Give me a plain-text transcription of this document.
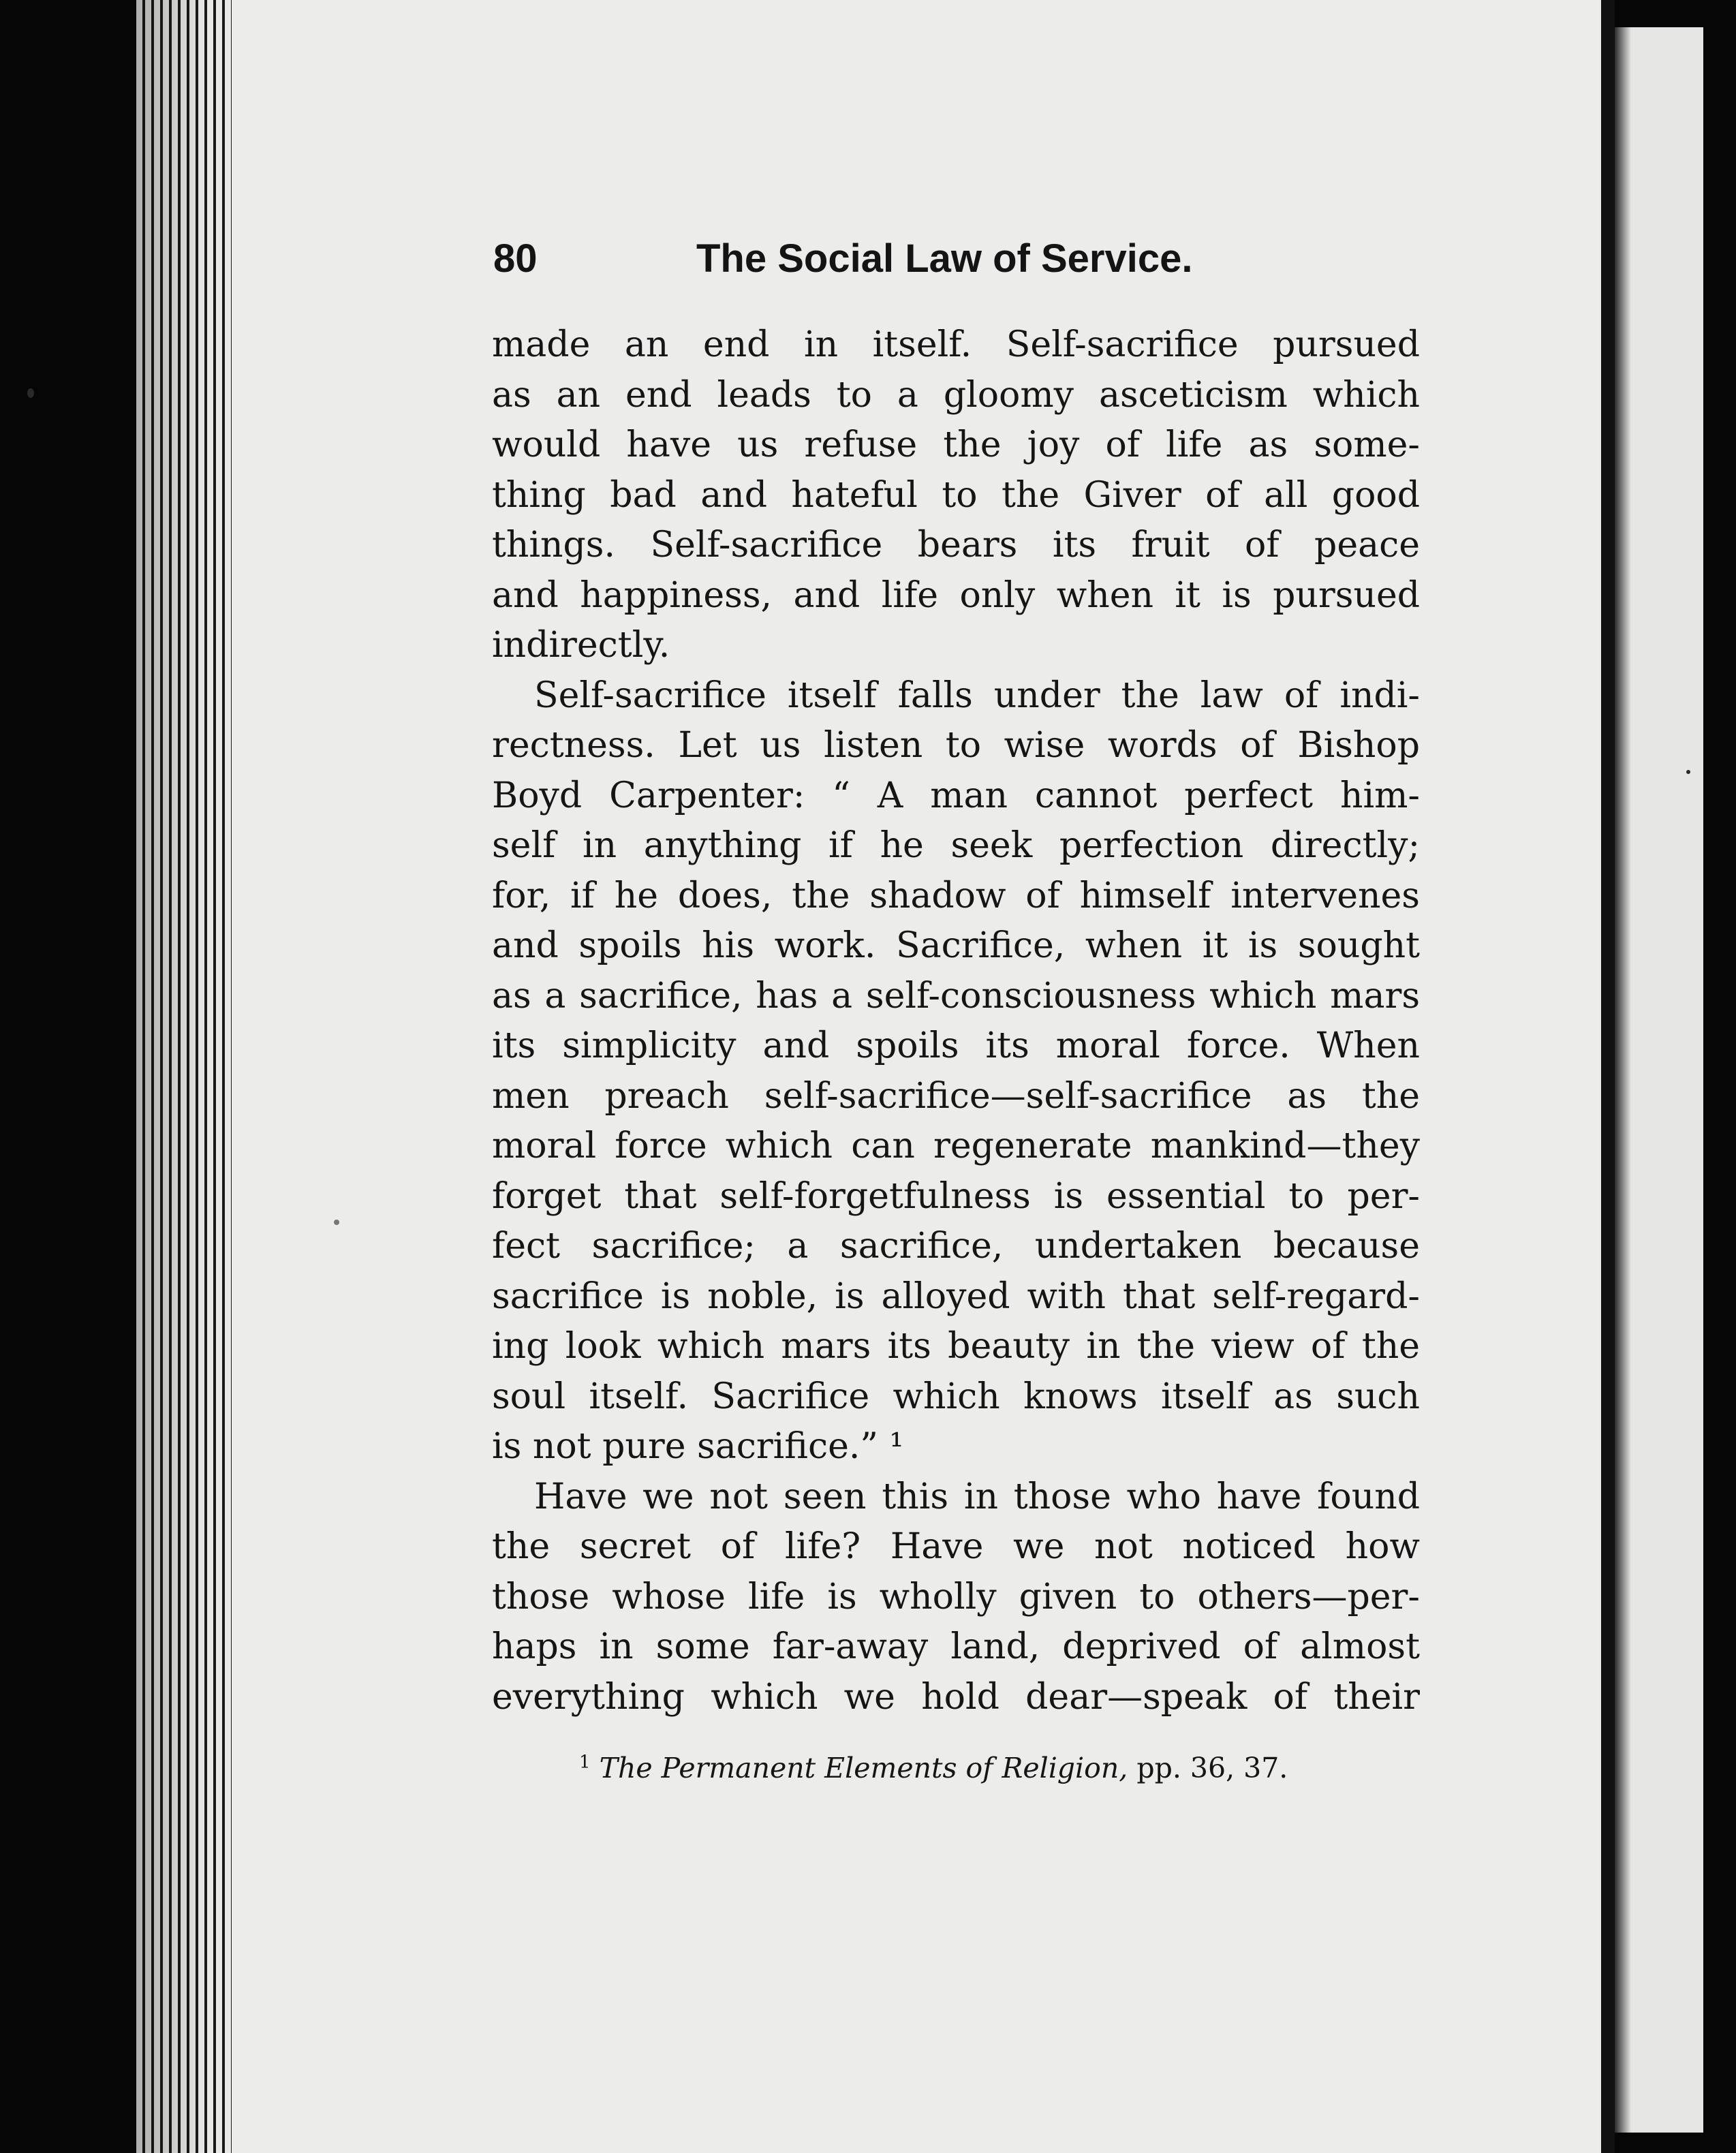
80	The Social Law of Service.
made an end in itself. Self-sacrifice pursued
as an end leads to a gloomy asceticism which
would have us refuse the joy of life as some-
thing bad and hateful to the Giver of all good
things. Self-sacrifice bears its fruit of peace
and happiness, and life only when it is pursued
indirectly.
Self-sacrifice itself falls under the law of indi-
rectness. Let us listen to wise words of Bishop
Boyd Carpenter: “ A man cannot perfect him-
self in anything if he seek perfection directly;
for, if he does, the shadow of himself intervenes
and spoils his work. Sacrifice, when it is sought
as a sacrifice, has a self-consciousness which mars
its simplicity and spoils its moral force. When
men preach self-sacrifice—self-sacrifice as the
moral force which can regenerate mankind—they
forget that self-forgetfulness is essential to per-
fect sacrifice; a sacrifice, undertaken because
sacrifice is noble, is alloyed with that self-regard-
ing look which mars its beauty in the view of the
soul itself. Sacrifice which knows itself as such
is not pure sacrifice.” ¹
Have we not seen this in those who have found
the secret of life? Have we not noticed how
those whose life is wholly given to others—per-
haps in some far-away land, deprived of almost
everything which we hold dear—speak of their
$^1$ The Permanent Elements of Religion, pp. 36, 37.
